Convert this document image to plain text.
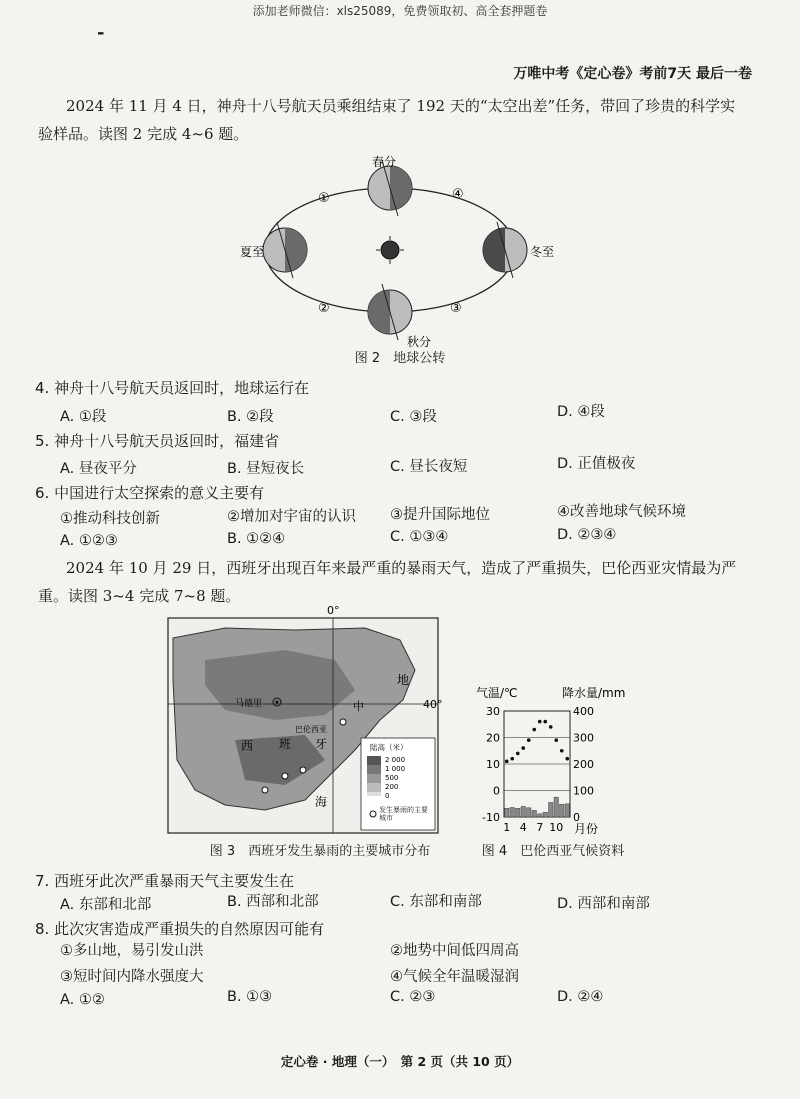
添加老师微信：xls25089，免费领取初、高全套押题卷
-
万唯中考《定心卷》考前7天 最后一卷
2024 年 11 月 4 日，神舟十八号航天员乘组结束了 192 天的“太空出差”任务，带回了珍贵的科学实
验样品。读图 2 完成 4~6 题。
春分
夏至	冬至
秋分
①
②	③
④
图 2　地球公转
4. 神舟十八号航天员返回时，地球运行在
A. ①段	B. ②段	C. ③段	D. ④段
5. 神舟十八号航天员返回时，福建省
A. 昼夜平分	B. 昼短夜长	C. 昼长夜短	D. 正值极夜
6. 中国进行太空探索的意义主要有
①推动科技创新	②增加对宇宙的认识 ③提升国际地位	④改善地球气候环境
A. ①②③	B. ①②④	C. ①③④	D. ②③④
2024 年 10 月 29 日，西班牙出现百年来最严重的暴雨天气，造成了严重损失，巴伦西亚灾情最为严
重。读图 3~4 完成 7~8 题。
0°
40°
马德里
巴伦西亚
地
中
西 班 牙
海
陆高（米）
2 000
1 000
500
200
0
发生暴雨的主要城市
图 3　西班牙发生暴雨的主要城市分布
气温/℃	降水量/mm
30
20
10
0
-10
400
300
200
100
0
1 4 7 10 月份
图 4　巴伦西亚气候资料
7. 西班牙此次严重暴雨天气主要发生在
A. 东部和北部	B. 西部和北部	C. 东部和南部	D. 西部和南部
8. 此次灾害造成严重损失的自然原因可能有
①多山地，易引发山洪	②地势中间低四周高
③短时间内降水强度大	④气候全年温暖湿润
A. ①②	B. ①③	C. ②③	D. ②④
定心卷 · 地理（一）　第 2 页（共 10 页）
